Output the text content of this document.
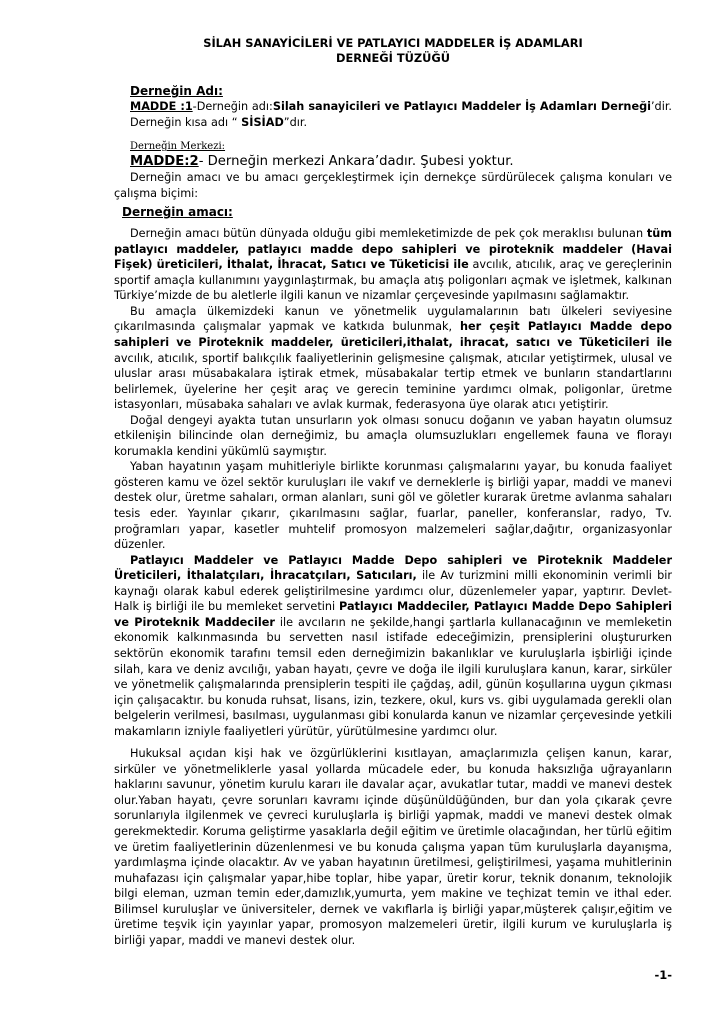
SİLAH SANAYİCİLERİ VE PATLAYICI MADDELER İŞ ADAMLARI
DERNEĞİ TÜZÜĞÜ
Derneğin Adı:

MADDE :1-Derneğin adı:Silah sanayicileri ve Patlayıcı Maddeler İş Adamları Derneği’dir. Derneğin kısa adı “ SİSİAD”dır.

Derneğin Merkezi:

MADDE:2- Derneğin merkezi Ankara’dadır. Şubesi yoktur.

Derneğin amacı ve bu amacı gerçekleştirmek için dernekçe sürdürülecek çalışma konuları ve çalışma biçimi:

Derneğin amacı:

Derneğin amacı bütün dünyada olduğu gibi memleketimizde de pek çok meraklısı bulunan tüm patlayıcı maddeler, patlayıcı madde depo sahipleri ve piroteknik maddeler (Havai Fişek) üreticileri, İthalat, İhracat, Satıcı ve Tüketicisi ile avcılık, atıcılık, araç ve gereçlerinin sportif amaçla kullanımını yaygınlaştırmak, bu amaçla atış poligonları açmak ve işletmek, kalkınan Türkiye’mizde de bu aletlerle ilgili kanun ve nizamlar çerçevesinde yapılmasını sağlamaktır.

Bu amaçla ülkemizdeki kanun ve yönetmelik uygulamalarının batı ülkeleri seviyesine çıkarılmasında çalışmalar yapmak ve katkıda bulunmak, her çeşit Patlayıcı Madde depo sahipleri ve Piroteknik maddeler, üreticileri,ithalat, ihracat, satıcı ve Tüketicileri ile avcılık, atıcılık, sportif balıkçılık faaliyetlerinin gelişmesine çalışmak, atıcılar yetiştirmek, ulusal ve uluslar arası müsabakalara iştirak etmek, müsabakalar tertip etmek ve bunların standartlarını belirlemek, üyelerine her çeşit araç ve gerecin teminine yardımcı olmak, poligonlar, üretme istasyonları, müsabaka sahaları ve avlak kurmak, federasyona üye olarak atıcı yetiştirir.

Doğal dengeyi ayakta tutan unsurların yok olması sonucu doğanın ve yaban hayatın olumsuz etkilenişin bilincinde olan derneğimiz, bu amaçla olumsuzlukları engellemek fauna ve florayı korumakla kendini yükümlü saymıştır.

Yaban hayatının yaşam muhitleriyle birlikte korunması çalışmalarını yayar, bu konuda faaliyet gösteren kamu ve özel sektör kuruluşları ile vakıf ve derneklerle iş birliği yapar, maddi ve manevi destek olur, üretme sahaları, orman alanları, suni göl ve göletler kurarak üretme avlanma sahaları tesis eder. Yayınlar çıkarır, çıkarılmasını sağlar, fuarlar, paneller, konferanslar, radyo, Tv. proğramları yapar, kasetler muhtelif promosyon malzemeleri sağlar,dağıtır, organizasyonlar düzenler.

Patlayıcı Maddeler ve Patlayıcı Madde Depo sahipleri ve Piroteknik Maddeler Üreticileri, İthalatçıları, İhracatçıları, Satıcıları, ile Av turizmini milli ekonominin verimli bir kaynağı olarak kabul ederek geliştirilmesine yardımcı olur, düzenlemeler yapar, yaptırır. Devlet- Halk iş birliği ile bu memleket servetini Patlayıcı Maddeciler, Patlayıcı Madde Depo Sahipleri ve Piroteknik Maddeciler ile avcıların ne şekilde,hangi şartlarla kullanacağının ve memleketin ekonomik kalkınmasında bu servetten nasıl istifade edeceğimizin, prensiplerini oluştururken sektörün ekonomik tarafını temsil eden derneğimizin bakanlıklar ve kuruluşlarla işbirliği içinde silah, kara ve deniz avcılığı, yaban hayatı, çevre ve doğa ile ilgili kuruluşlara kanun, karar, sirküler ve yönetmelik çalışmalarında prensiplerin tespiti ile çağdaş, adil, günün koşullarına uygun çıkması için çalışacaktır. bu konuda ruhsat, lisans, izin, tezkere, okul, kurs vs. gibi uygulamada gerekli olan belgelerin verilmesi, basılması, uygulanması gibi konularda kanun ve nizamlar çerçevesinde yetkili makamların izniyle faaliyetleri yürütür, yürütülmesine yardımcı olur.

Hukuksal açıdan kişi hak ve özgürlüklerini kısıtlayan, amaçlarımızla çelişen kanun, karar, sirküler ve yönetmeliklerle yasal yollarda mücadele eder, bu konuda haksızlığa uğrayanların haklarını savunur, yönetim kurulu kararı ile davalar açar, avukatlar tutar, maddi ve manevi destek olur.Yaban hayatı, çevre sorunları kavramı içinde düşünüldüğünden, bur dan yola çıkarak çevre sorunlarıyla ilgilenmek ve çevreci kuruluşlarla iş birliği yapmak, maddi ve manevi destek olmak gerekmektedir. Koruma geliştirme yasaklarla değil eğitim ve üretimle olacağından, her türlü eğitim ve üretim faaliyetlerinin düzenlenmesi ve bu konuda çalışma yapan tüm kuruluşlarla dayanışma, yardımlaşma içinde olacaktır. Av ve yaban hayatının üretilmesi, geliştirilmesi, yaşama muhitlerinin muhafazası için çalışmalar yapar,hibe toplar, hibe yapar, üretir korur, teknik donanım, teknolojik bilgi eleman, uzman temin eder,damızlık,yumurta, yem makine ve teçhizat temin ve ithal eder. Bilimsel kuruluşlar ve üniversiteler, dernek ve vakıflarla iş birliği yapar,müşterek çalışır,eğitim ve üretime teşvik için yayınlar yapar, promosyon malzemeleri üretir, ilgili kurum ve kuruluşlarla iş birliği yapar, maddi ve manevi destek olur.

-1-
